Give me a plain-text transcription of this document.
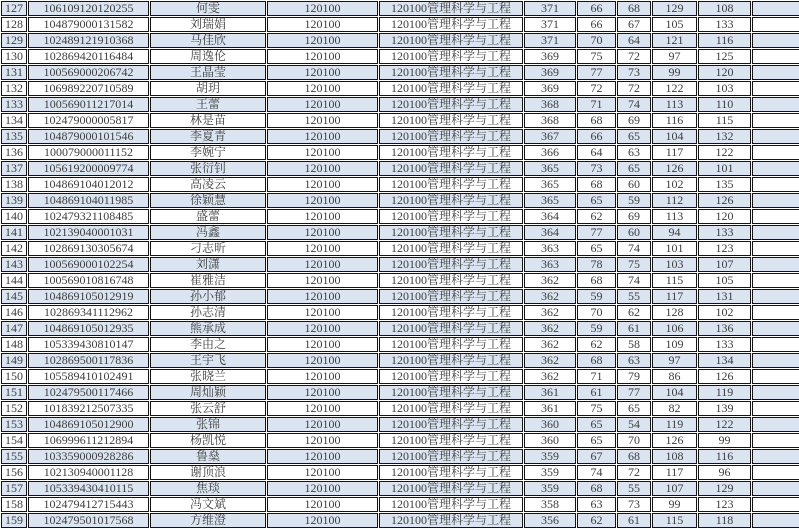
127	106109120120255	何雯	120100	120100管理科学与工程	371	66	68	129	108	
128	104879000131582	刘瑞娟	120100	120100管理科学与工程	371	66	67	105	133	
129	102489121910368	马佳欣	120100	120100管理科学与工程	371	70	64	121	116	
130	102869420116484	周逸伦	120100	120100管理科学与工程	369	75	72	97	125	
131	100569000206742	王晶莹	120100	120100管理科学与工程	369	77	73	99	120	
132	106989220710589	胡玥	120100	120100管理科学与工程	369	72	72	122	103	
133	100569011217014	王蕾	120100	120100管理科学与工程	368	71	74	113	110	
134	102479000005817	林是苗	120100	120100管理科学与工程	368	68	69	116	115	
135	104879000101546	李夏青	120100	120100管理科学与工程	367	66	65	104	132	
136	100079000011152	李婉宁	120100	120100管理科学与工程	366	64	63	117	122	
137	105619200009774	张衍钊	120100	120100管理科学与工程	365	73	65	126	101	
138	104869104012012	高凌云	120100	120100管理科学与工程	365	68	60	102	135	
139	104869104011985	徐颖慧	120100	120100管理科学与工程	365	65	59	112	126	
140	102479321108485	盛蕾	120100	120100管理科学与工程	364	62	69	113	120	
141	102139040001031	冯鑫	120100	120100管理科学与工程	364	77	60	94	133	
142	102869130305674	刁志昕	120100	120100管理科学与工程	363	65	74	101	123	
143	100569000102254	刘潇	120100	120100管理科学与工程	363	78	75	103	107	
144	100569010816748	崔雅洁	120100	120100管理科学与工程	362	68	74	115	105	
145	104869105012919	孙小郁	120100	120100管理科学与工程	362	59	55	117	131	
146	102869341112962	孙志清	120100	120100管理科学与工程	362	70	62	128	102	
147	104869105012935	熊承成	120100	120100管理科学与工程	362	59	61	106	136	
148	105339430810147	李由之	120100	120100管理科学与工程	362	62	58	109	133	
149	102869500117836	王宇飞	120100	120100管理科学与工程	362	68	63	97	134	
150	105589410102491	张晓兰	120100	120100管理科学与工程	362	71	79	86	126	
151	102479500117466	周灿颖	120100	120100管理科学与工程	361	61	77	104	119	
152	101839212507335	张云舒	120100	120100管理科学与工程	361	75	65	82	139	
153	104869105012900	张锦	120100	120100管理科学与工程	360	65	54	119	122	
154	106999611212894	杨凯悦	120100	120100管理科学与工程	360	65	70	126	99	
155	103359000928286	鲁燊	120100	120100管理科学与工程	359	67	68	108	116	
156	102130940001128	谢顶浪	120100	120100管理科学与工程	359	74	72	117	96	
157	105339430410115	焦琰	120100	120100管理科学与工程	359	68	55	107	129	
158	102479412715443	冯文斌	120100	120100管理科学与工程	358	63	73	99	123	
159	102479501017568	方维澄	120100	120100管理科学与工程	356	62	61	115	118	
